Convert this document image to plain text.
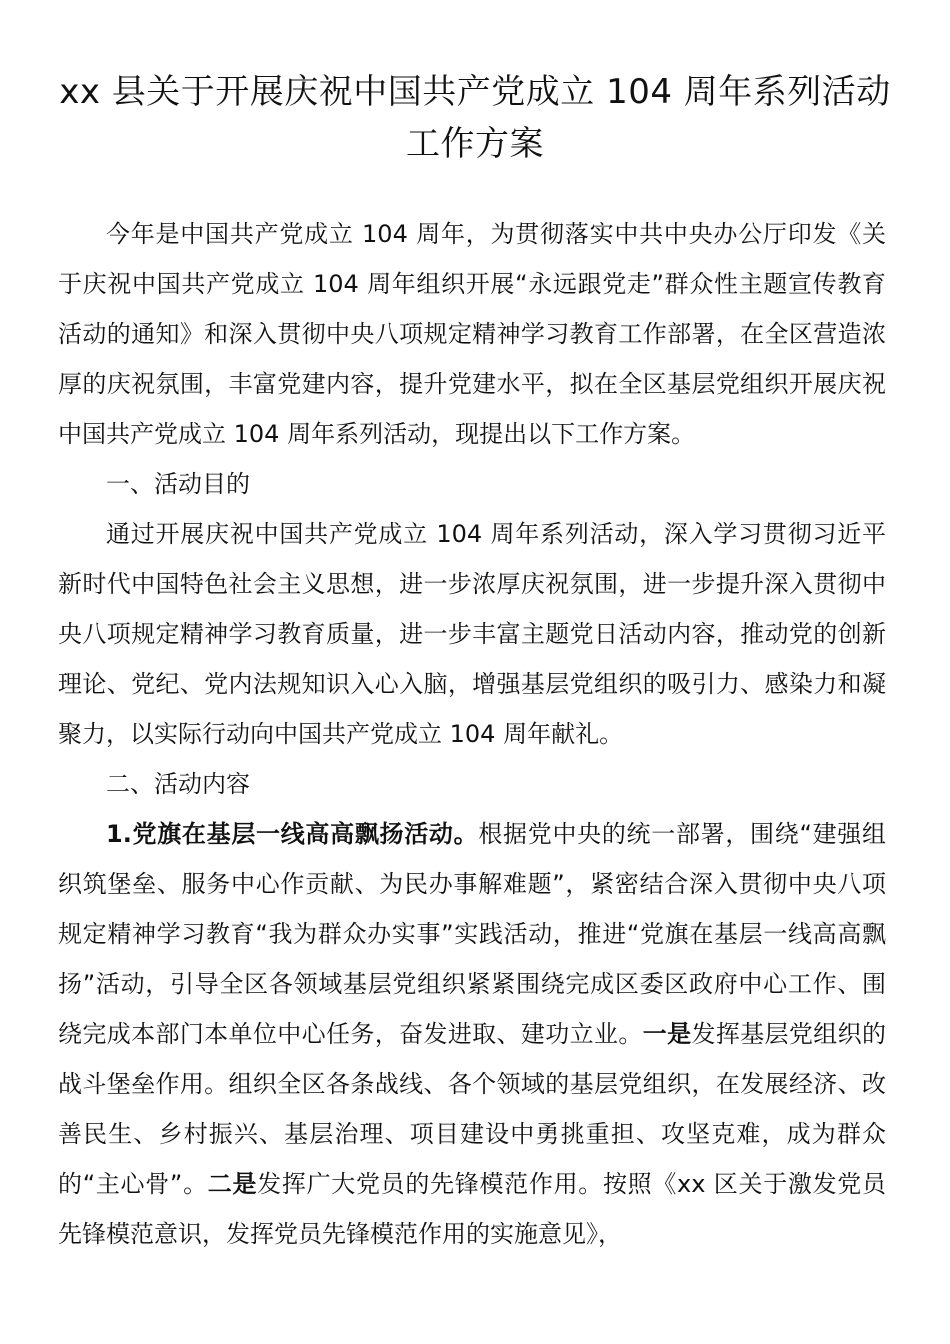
xx 县关于开展庆祝中国共产党成立 104 周年系列活动
工作方案

今年是中国共产党成立 104 周年，为贯彻落实中共中央办公厅印发《关于庆祝中国共产党成立 104 周年组织开展“永远跟党走”群众性主题宣传教育活动的通知》和深入贯彻中央八项规定精神学习教育工作部署，在全区营造浓厚的庆祝氛围，丰富党建内容，提升党建水平，拟在全区基层党组织开展庆祝中国共产党成立 104 周年系列活动，现提出以下工作方案。

一、活动目的

通过开展庆祝中国共产党成立 104 周年系列活动，深入学习贯彻习近平新时代中国特色社会主义思想，进一步浓厚庆祝氛围，进一步提升深入贯彻中央八项规定精神学习教育质量，进一步丰富主题党日活动内容，推动党的创新理论、党纪、党内法规知识入心入脑，增强基层党组织的吸引力、感染力和凝聚力，以实际行动向中国共产党成立 104 周年献礼。

二、活动内容

1.党旗在基层一线高高飘扬活动。根据党中央的统一部署，围绕“建强组织筑堡垒、服务中心作贡献、为民办事解难题”，紧密结合深入贯彻中央八项规定精神学习教育“我为群众办实事”实践活动，推进“党旗在基层一线高高飘扬”活动，引导全区各领域基层党组织紧紧围绕完成区委区政府中心工作、围绕完成本部门本单位中心任务，奋发进取、建功立业。一是发挥基层党组织的战斗堡垒作用。组织全区各条战线、各个领域的基层党组织，在发展经济、改善民生、乡村振兴、基层治理、项目建设中勇挑重担、攻坚克难，成为群众的“主心骨”。二是发挥广大党员的先锋模范作用。按照《xx 区关于激发党员先锋模范意识，发挥党员先锋模范作用的实施意见》，
